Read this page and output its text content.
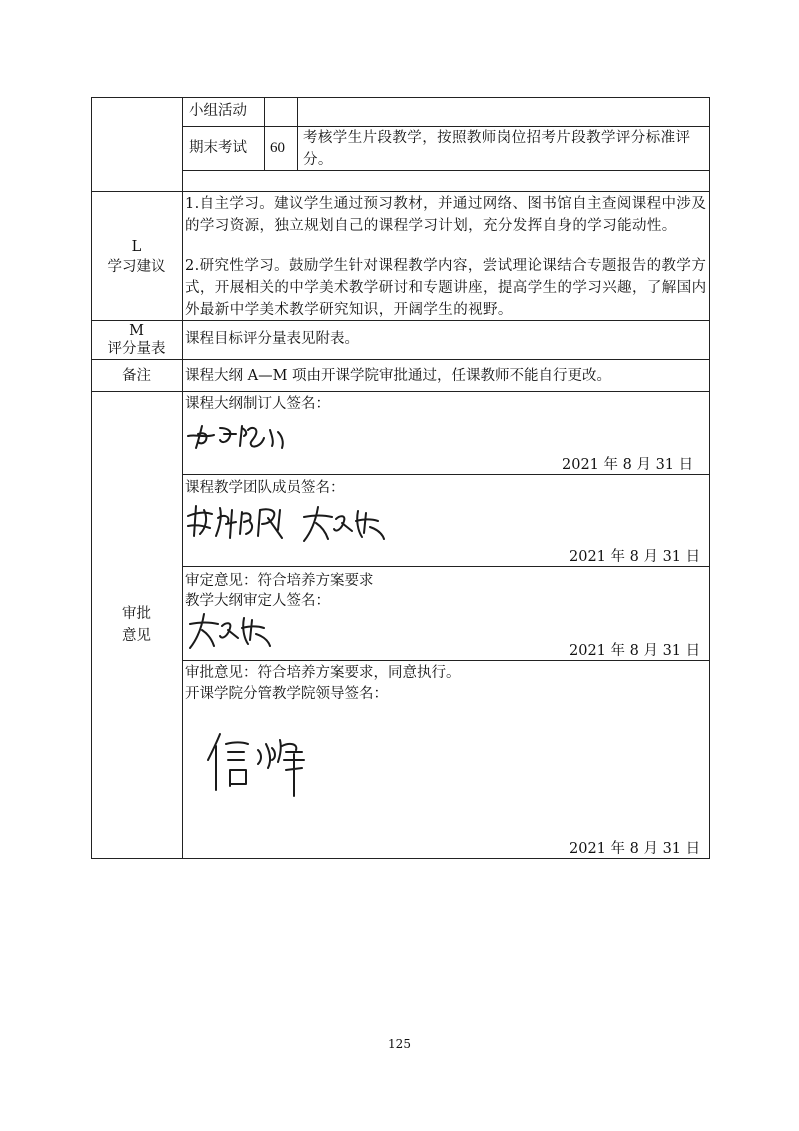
小组活动
期末考试 60
考核学生片段教学，按照教师岗位招考片段教学评分标准评分。
L
学习建议
1.自主学习。建议学生通过预习教材，并通过网络、图书馆自主查阅课程中涉及的学习资源，独立规划自己的课程学习计划，充分发挥自身的学习能动性。
2.研究性学习。鼓励学生针对课程教学内容，尝试理论课结合专题报告的教学方式，开展相关的中学美术教学研讨和专题讲座，提高学生的学习兴趣，了解国内外最新中学美术教学研究知识，开阔学生的视野。
M
评分量表
课程目标评分量表见附表。
备注	课程大纲 A—M 项由开课学院审批通过，任课教师不能自行更改。
审批
意见
课程大纲制订人签名：
2021 年 8 月 31 日
课程教学团队成员签名：
2021 年 8 月 31 日
审定意见：符合培养方案要求
教学大纲审定人签名：
2021 年 8 月 31 日
审批意见：符合培养方案要求，同意执行。
开课学院分管教学院领导签名：
2021 年 8 月 31 日
125
